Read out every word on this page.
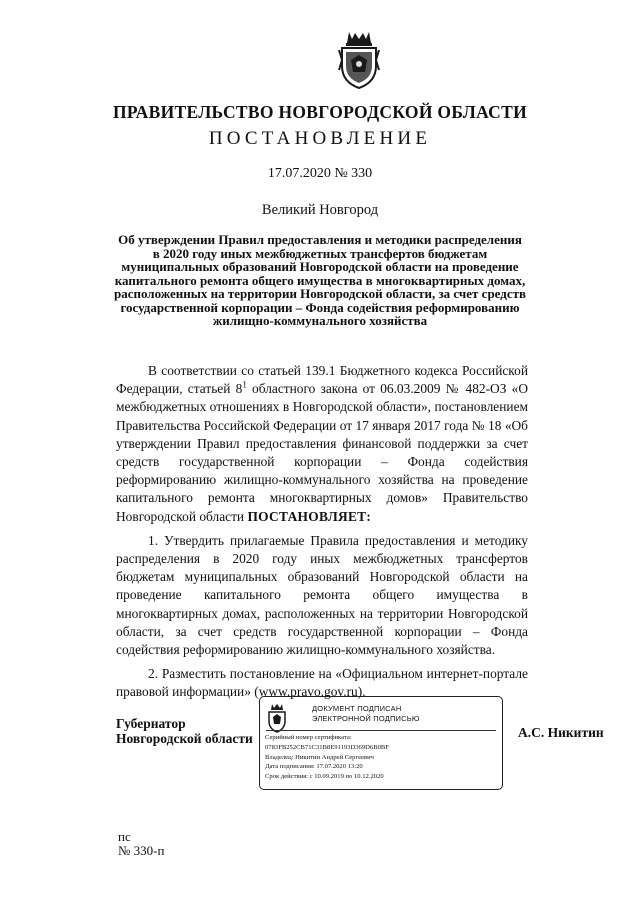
ПРАВИТЕЛЬСТВО НОВГОРОДСКОЙ ОБЛАСТИ
ПОСТАНОВЛЕНИЕ
17.07.2020 № 330
Великий Новгород
Об утверждении Правил предоставления и методики распределения
в 2020 году иных межбюджетных трансфертов бюджетам
муниципальных образований Новгородской области на проведение
капитального ремонта общего имущества в многоквартирных домах,
расположенных на территории Новгородской области, за счет средств
государственной корпорации – Фонда содействия реформированию
жилищно-коммунального хозяйства

В соответствии со статьей 139.1 Бюджетного кодекса Российской Федерации, статьей $8^1$ областного закона от 06.03.2009 № 482-ОЗ «О межбюджетных отношениях в Новгородской области», постановлением Правительства Российской Федерации от 17 января 2017 года № 18 «Об утверждении Правил предоставления финансовой поддержки за счет средств государственной корпорации – Фонда содействия реформированию жилищно-коммунального хозяйства на проведение капитального ремонта многоквартирных домов» Правительство Новгородской области ПОСТАНОВЛЯЕТ:

1. Утвердить прилагаемые Правила предоставления и методику распределения в 2020 году иных межбюджетных трансфертов бюджетам муниципальных образований Новгородской области на проведение капитального ремонта общего имущества в многоквартирных домах, расположенных на территории Новгородской области, за счет средств государственной корпорации – Фонда содействия реформированию жилищно-коммунального хозяйства.

2. Разместить постановление на «Официальном интернет-портале правовой информации» (www.pravo.gov.ru).

Губернатор
Новгородской области
ДОКУМЕНТ ПОДПИСАН
ЭЛЕКТРОННОЙ ПОДПИСЬЮ
Серийный номер сертификата:
0783FB252CB71C31B8E91193D369D6B0BF
Владелец: Никитин Андрей Сергеевич
Дата подписания: 17.07.2020 13:20
Срок действия: с 10.09.2019 по 10.12.2020
А.С. Никитин
пс
№ 330-п
